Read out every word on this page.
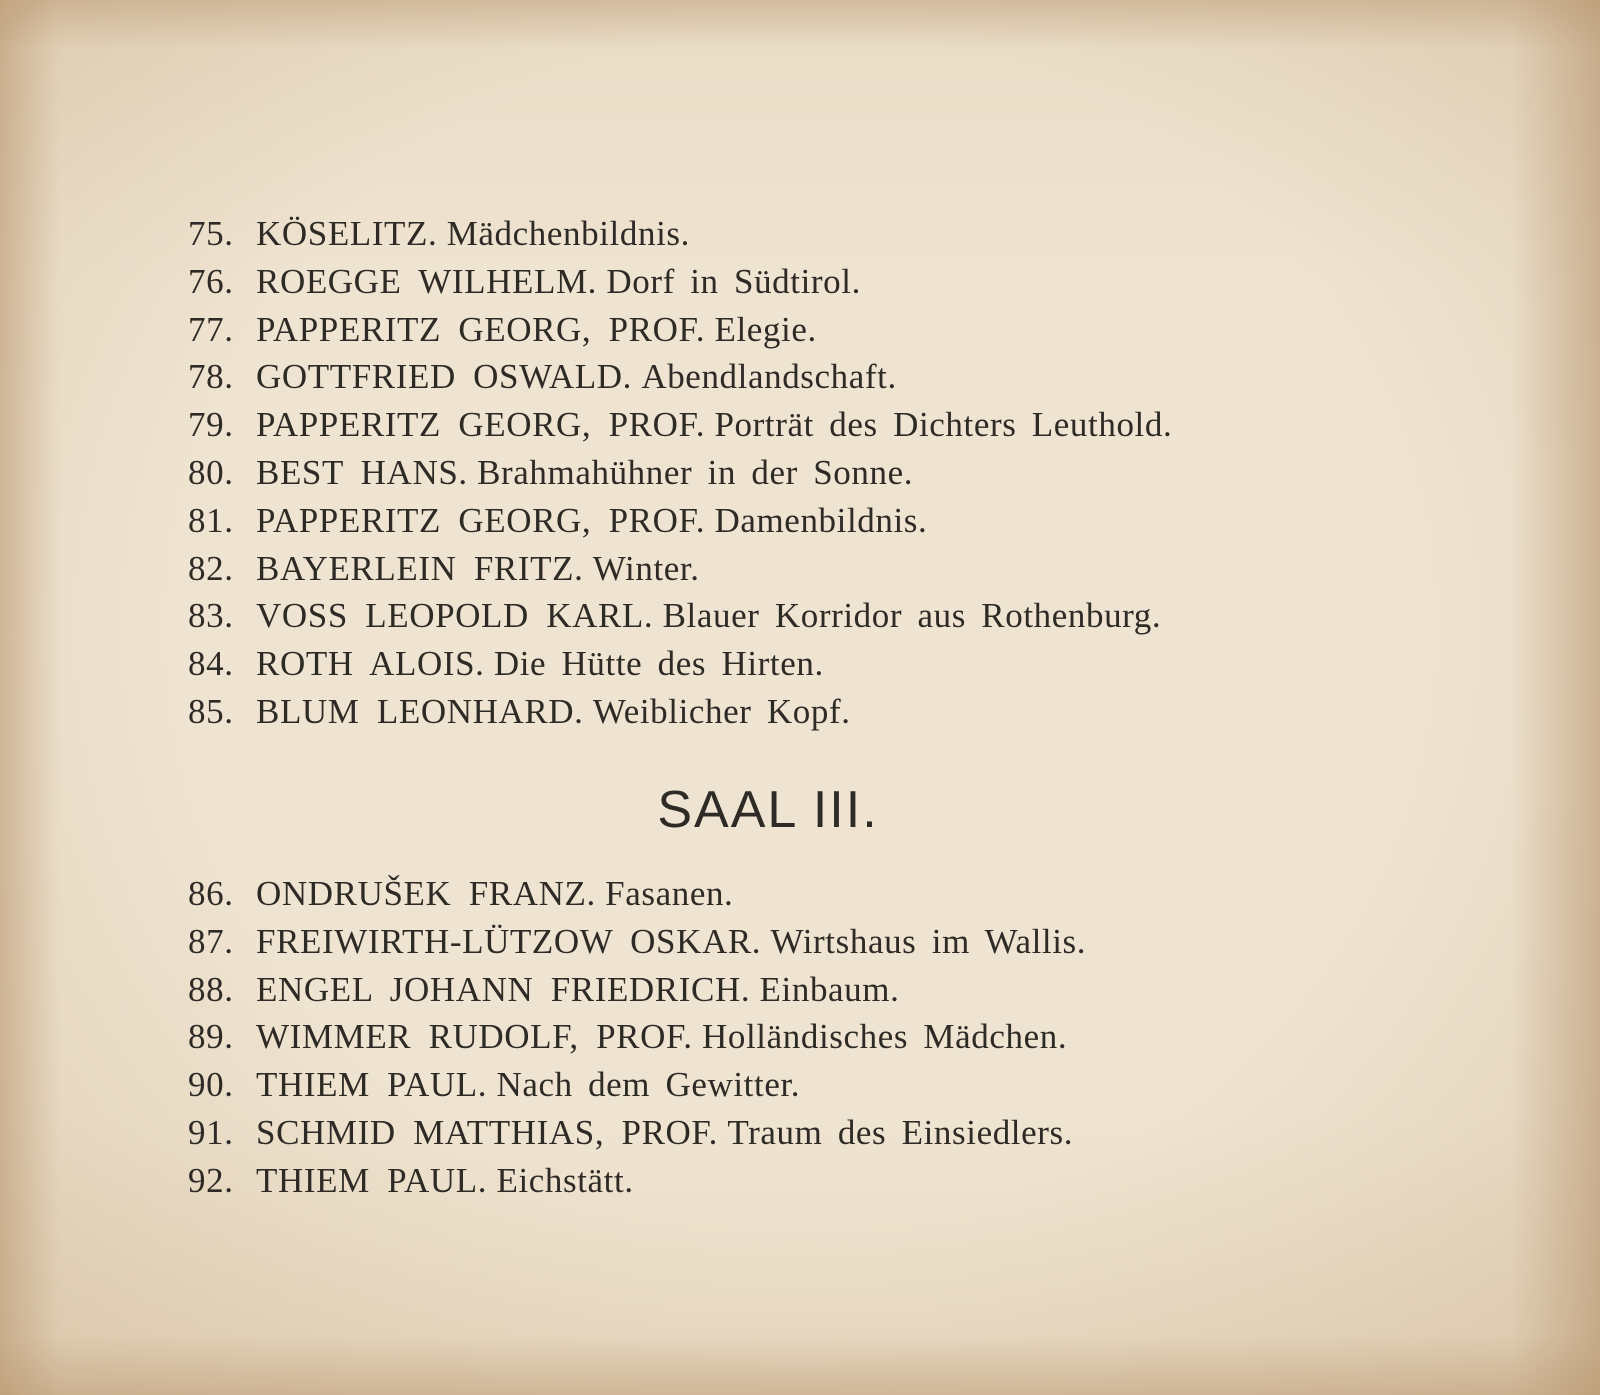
75. KÖSELITZ. Mädchenbildnis.
76. ROEGGE WILHELM. Dorf in Südtirol.
77. PAPPERITZ GEORG, PROF. Elegie.
78. GOTTFRIED OSWALD. Abendlandschaft.
79. PAPPERITZ GEORG, PROF. Porträt des Dichters Leuthold.
80. BEST HANS. Brahmahühner in der Sonne.
81. PAPPERITZ GEORG, PROF. Damenbildnis.
82. BAYERLEIN FRITZ. Winter.
83. VOSS LEOPOLD KARL. Blauer Korridor aus Rothenburg.
84. ROTH ALOIS. Die Hütte des Hirten.
85. BLUM LEONHARD. Weiblicher Kopf.
SAAL III.
86. ONDRUŠEK FRANZ. Fasanen.
87. FREIWIRTH-LÜTZOW OSKAR. Wirtshaus im Wallis.
88. ENGEL JOHANN FRIEDRICH. Einbaum.
89. WIMMER RUDOLF, PROF. Holländisches Mädchen.
90. THIEM PAUL. Nach dem Gewitter.
91. SCHMID MATTHIAS, PROF. Traum des Einsiedlers.
92. THIEM PAUL. Eichstätt.
